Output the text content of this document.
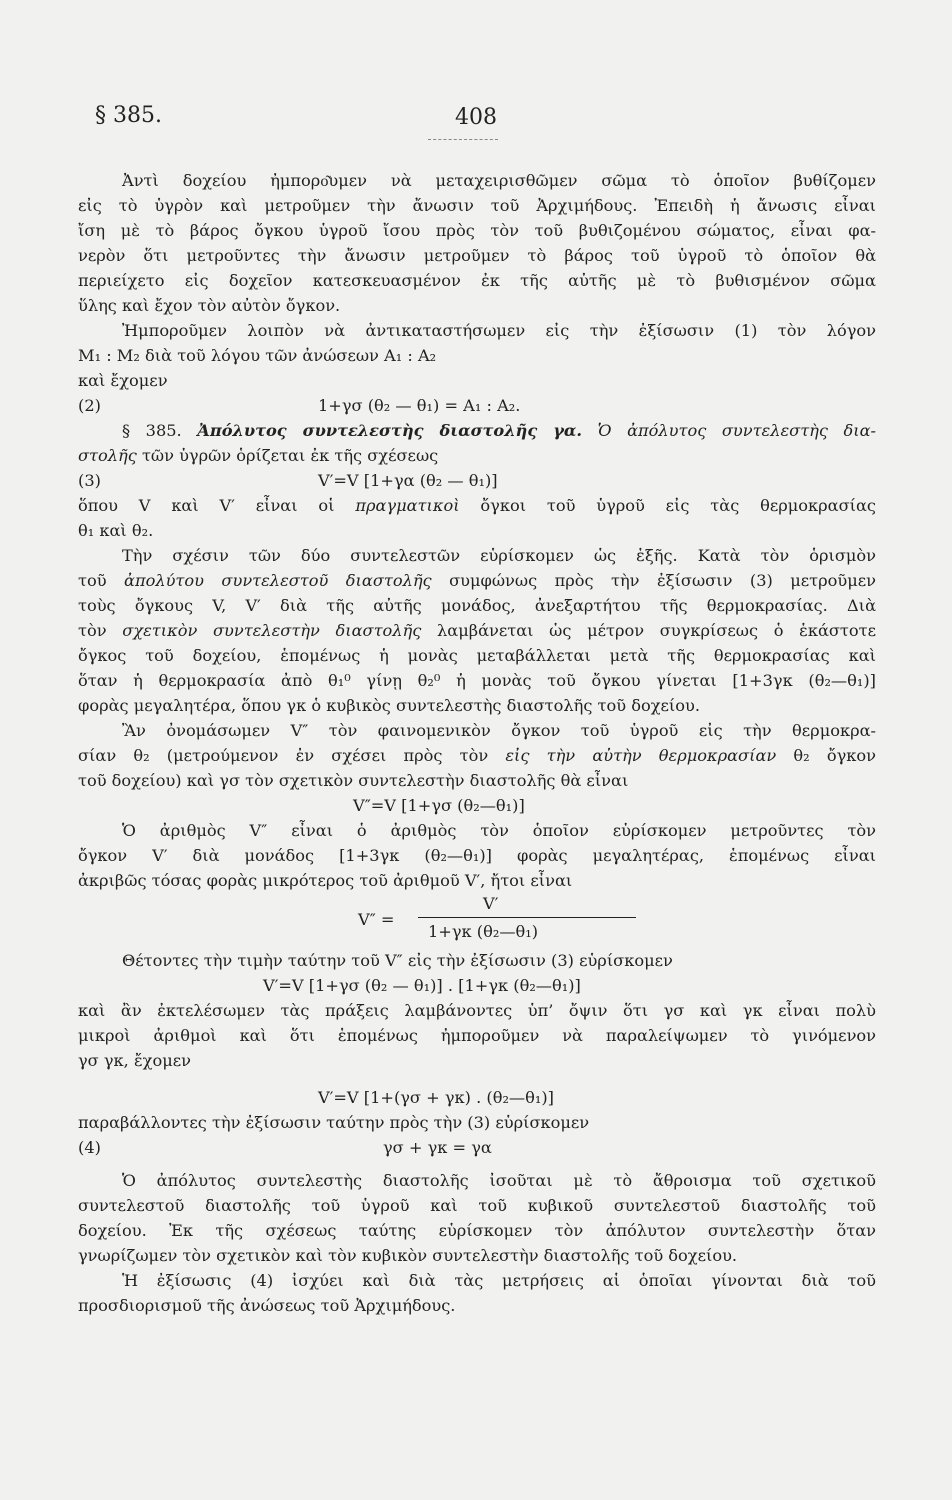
§ 385.	408
Ἀντὶ δοχείου ἠμπορο͂υμεν νὰ μεταχειρισθῶμεν σῶμα τὸ ὁποῖον βυθίζομεν
εἰς τὸ ὑγρὸν καὶ μετροῦμεν τὴν ἄνωσιν τοῦ Ἀρχιμήδους. Ἐπειδὴ ἡ ἄνωσις εἶναι
ἴση μὲ τὸ βάρος ὄγκου ὑγροῦ ἴσου πρὸς τὸν τοῦ βυθιζομένου σώματος, εἶναι φα-
νερὸν ὅτι μετροῦντες τὴν ἄνωσιν μετροῦμεν τὸ βάρος τοῦ ὑγροῦ τὸ ὁποῖον θὰ
περιείχετο εἰς δοχεῖον κατεσκευασμένον ἐκ τῆς αὐτῆς μὲ τὸ βυθισμένον σῶμα
ὕλης καὶ ἔχον τὸν αὐτὸν ὄγκον.
Ἠμποροῦμεν λοιπὸν νὰ ἀντικαταστήσωμεν εἰς τὴν ἐξίσωσιν (1) τὸν λόγον
M₁ : M₂ διὰ τοῦ λόγου τῶν ἀνώσεων A₁ : A₂
καὶ ἔχομεν
(2)	1+γσ (θ₂ — θ₁) = A₁ : A₂.
§ 385. Ἀπόλυτος συντελεστὴς διαστολῆς γα. Ὁ ἀπόλυτος συντελεστὴς δια-
στολῆς τῶν ὑγρῶν ὁρίζεται ἐκ τῆς σχέσεως
(3)	V′=V [1+γα (θ₂ — θ₁)]
ὅπου V καὶ V′ εἶναι οἱ πραγματικοὶ ὄγκοι τοῦ ὑγροῦ εἰς τὰς θερμοκρασίας
θ₁ καὶ θ₂.
Τὴν σχέσιν τῶν δύο συντελεστῶν εὑρίσκομεν ὡς ἑξῆς. Κατὰ τὸν ὁρισμὸν
τοῦ ἀπολύτου συντελεστοῦ διαστολῆς συμφώνως πρὸς τὴν ἐξίσωσιν (3) μετροῦμεν
τοὺς ὄγκους V, V′ διὰ τῆς αὐτῆς μονάδος, ἀνεξαρτήτου τῆς θερμοκρασίας. Διὰ
τὸν σχετικὸν συντελεστὴν διαστολῆς λαμβάνεται ὡς μέτρον συγκρίσεως ὁ ἑκάστοτε
ὄγκος τοῦ δοχείου, ἑπομένως ἡ μονὰς μεταβάλλεται μετὰ τῆς θερμοκρασίας καὶ
ὅταν ἡ θερμοκρασία ἀπὸ θ₁⁰ γίνῃ θ₂⁰ ἡ μονὰς τοῦ ὄγκου γίνεται [1+3γκ (θ₂—θ₁)]
φορὰς μεγαλητέρα, ὅπου γκ ὁ κυβικὸς συντελεστὴς διαστολῆς τοῦ δοχείου.
Ἂν ὀνομάσωμεν V″ τὸν φαινομενικὸν ὄγκον τοῦ ὑγροῦ εἰς τὴν θερμοκρα-
σίαν θ₂ (μετρούμενον ἐν σχέσει πρὸς τὸν εἰς τὴν αὐτὴν θερμοκρασίαν θ₂ ὄγκον
τοῦ δοχείου) καὶ γσ τὸν σχετικὸν συντελεστὴν διαστολῆς θὰ εἶναι
V″=V [1+γσ (θ₂—θ₁)]
Ὁ ἀριθμὸς V″ εἶναι ὁ ἀριθμὸς τὸν ὁποῖον εὑρίσκομεν μετροῦντες τὸν
ὄγκον V′ διὰ μονάδος [1+3γκ (θ₂—θ₁)] φορὰς μεγαλητέρας, ἑπομένως εἶναι
ἀκριβῶς τόσας φορὰς μικρότερος τοῦ ἀριθμοῦ V′, ἤτοι εἶναι
V″ =
V′
1+γκ (θ₂—θ₁)
Θέτοντες τὴν τιμὴν ταύτην τοῦ V″ εἰς τὴν ἐξίσωσιν (3) εὑρίσκομεν
V′=V [1+γσ (θ₂ — θ₁)] . [1+γκ (θ₂—θ₁)]
καὶ ἂν ἐκτελέσωμεν τὰς πράξεις λαμβάνοντες ὑπ’ ὄψιν ὅτι γσ καὶ γκ εἶναι πολὺ
μικροὶ ἀριθμοὶ καὶ ὅτι ἑπομένως ἠμποροῦμεν νὰ παραλείψωμεν τὸ γινόμενον
γσ γκ, ἔχομεν
V′=V [1+(γσ + γκ) . (θ₂—θ₁)]
παραβάλλοντες τὴν ἐξίσωσιν ταύτην πρὸς τὴν (3) εὑρίσκομεν
(4)	γσ + γκ = γα
Ὁ ἀπόλυτος συντελεστὴς διαστολῆς ἰσοῦται μὲ τὸ ἄθροισμα τοῦ σχετικοῦ
συντελεστοῦ διαστολῆς τοῦ ὑγροῦ καὶ τοῦ κυβικοῦ συντελεστοῦ διαστολῆς τοῦ
δοχείου. Ἐκ τῆς σχέσεως ταύτης εὑρίσκομεν τὸν ἀπόλυτον συντελεστὴν ὅταν
γνωρίζωμεν τὸν σχετικὸν καὶ τὸν κυβικὸν συντελεστὴν διαστολῆς τοῦ δοχείου.
Ἡ ἐξίσωσις (4) ἰσχύει καὶ διὰ τὰς μετρήσεις αἱ ὁποῖαι γίνονται διὰ τοῦ
προσδιορισμοῦ τῆς ἀνώσεως τοῦ Ἀρχιμήδους.
